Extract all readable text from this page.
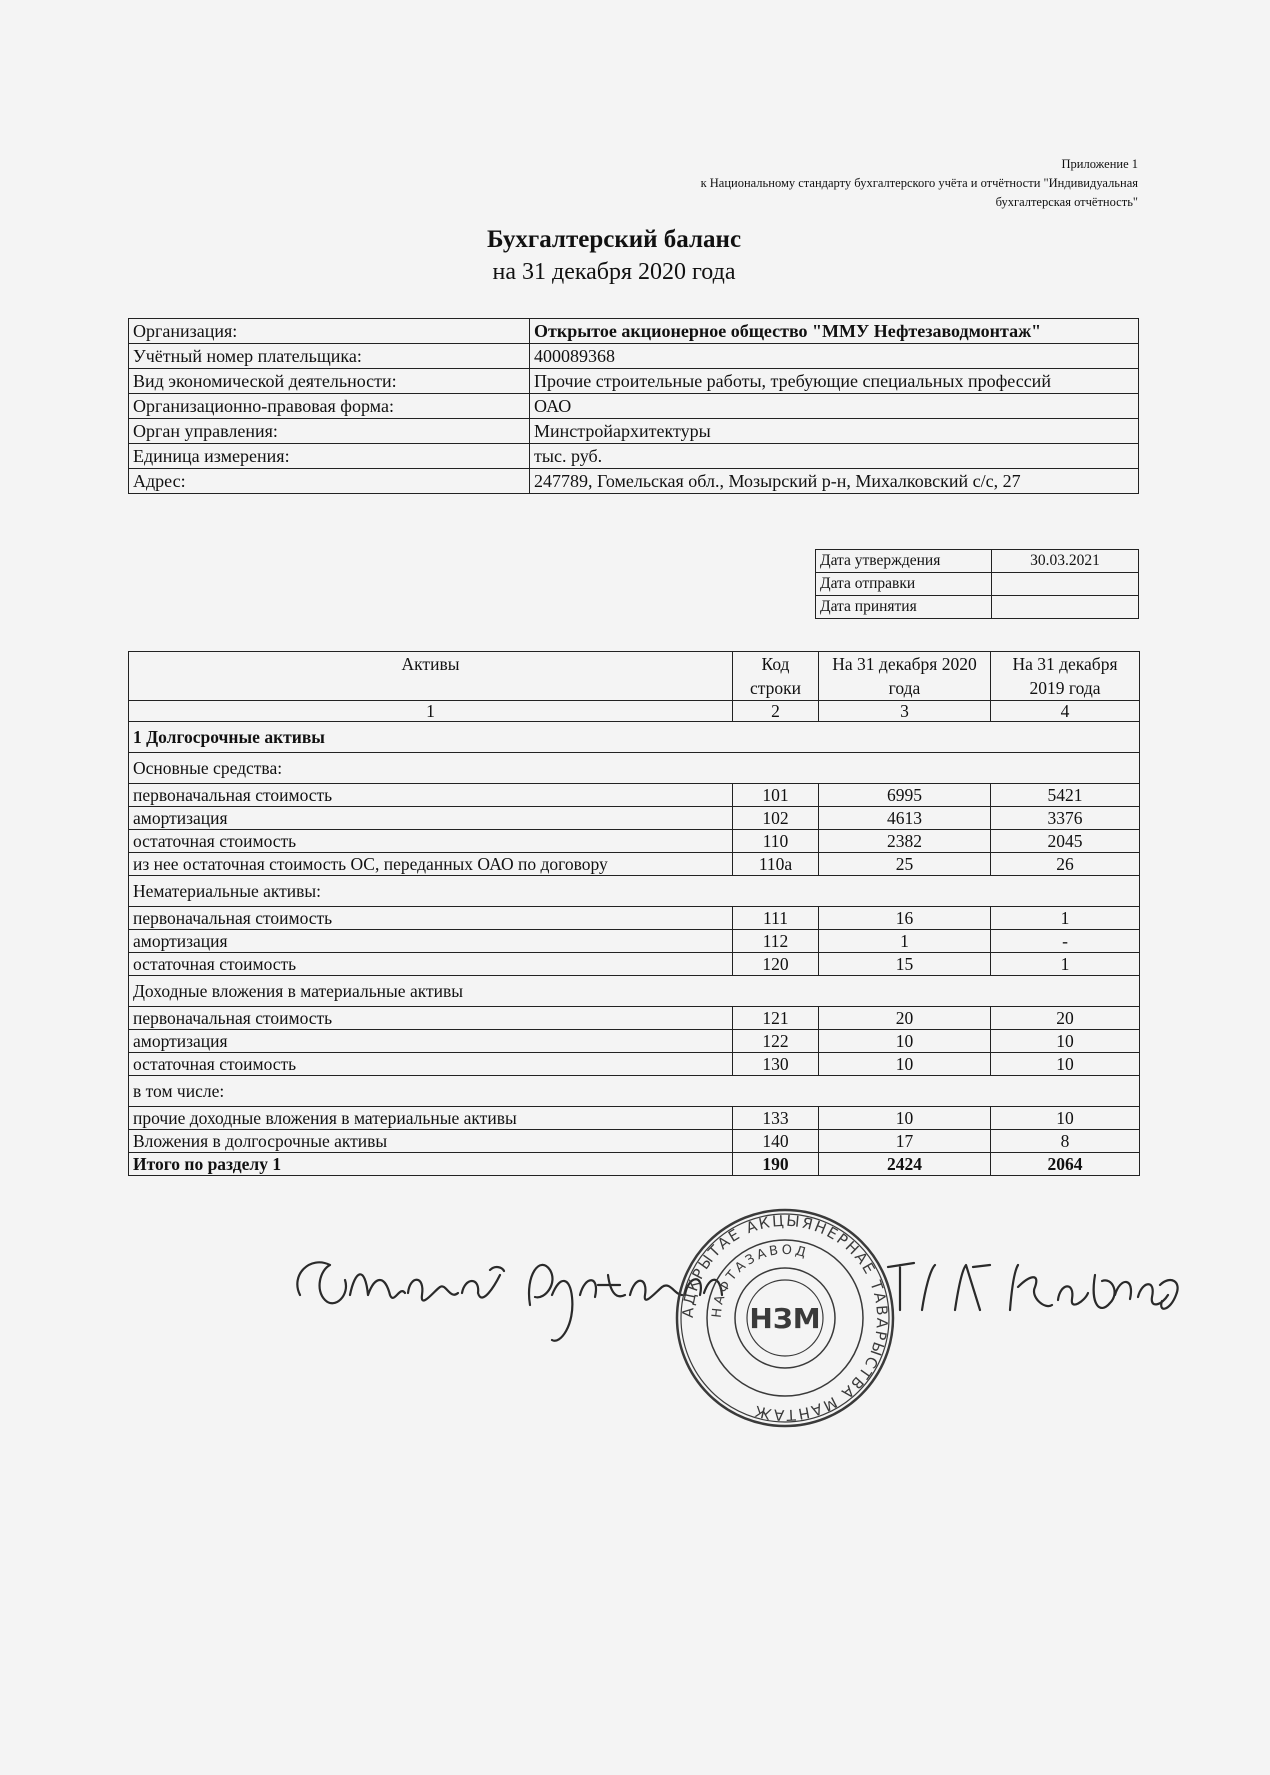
Приложение 1
к Национальному стандарту бухгалтерского учёта и отчётности "Индивидуальная
бухгалтерская отчётность"
Бухгалтерский баланс
на 31 декабря 2020 года
Организация:	Открытое акционерное общество "ММУ Нефтезаводмонтаж"
Учётный номер плательщика:	400089368
Вид экономической деятельности:	Прочие строительные работы, требующие специальных профессий
Организационно-правовая форма:	ОАО
Орган управления:	Минстройархитектуры
Единица измерения:	тыс. руб.
Адрес:	247789, Гомельская обл., Мозырский р-н, Михалковский с/с, 27
Дата утверждения	30.03.2021
Дата отправки	
Дата принятия	
Активы	Код строки	На 31 декабря 2020 года	На 31 декабря 2019 года
1	2	3	4
1 Долгосрочные активы			
Основные средства:			
первоначальная стоимость	101	6995	5421
амортизация	102	4613	3376
остаточная стоимость	110	2382	2045
из нее остаточная стоимость ОС, переданных ОАО по договору	110a	25	26
Нематериальные активы:			
первоначальная стоимость	111	16	1
амортизация	112	1	-
остаточная стоимость	120	15	1
Доходные вложения в материальные активы			
первоначальная стоимость	121	20	20
амортизация	122	10	10
остаточная стоимость	130	10	10
в том числе:			
прочие доходные вложения в материальные активы	133	10	10
Вложения в долгосрочные активы	140	17	8
Итого по разделу 1	190	2424	2064
АДКРЫТАЕ АКЦЫЯНЕРНАЕ ТАВАРЫСТВА МАНТАЖ
НАФТАЗАВОД
НЗМ
